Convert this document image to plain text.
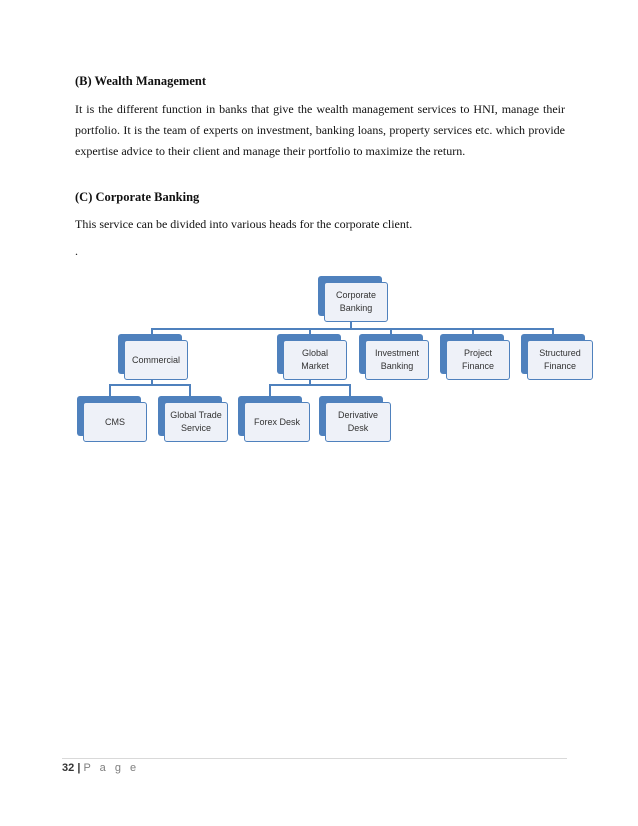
(B) Wealth Management
It is the different function in banks that give the wealth management services to HNI, manage their portfolio. It is the team of experts on investment, banking loans, property services etc. which provide expertise advice to their client and manage their portfolio to maximize the return.
(C) Corporate Banking
This service can be divided into various heads for the corporate client.
.
Corporate Banking
Commercial
Global Market
Investment Banking
Project Finance
Structured Finance
CMS
Global Trade Service
Forex Desk
Derivative Desk
32 | P a g e
